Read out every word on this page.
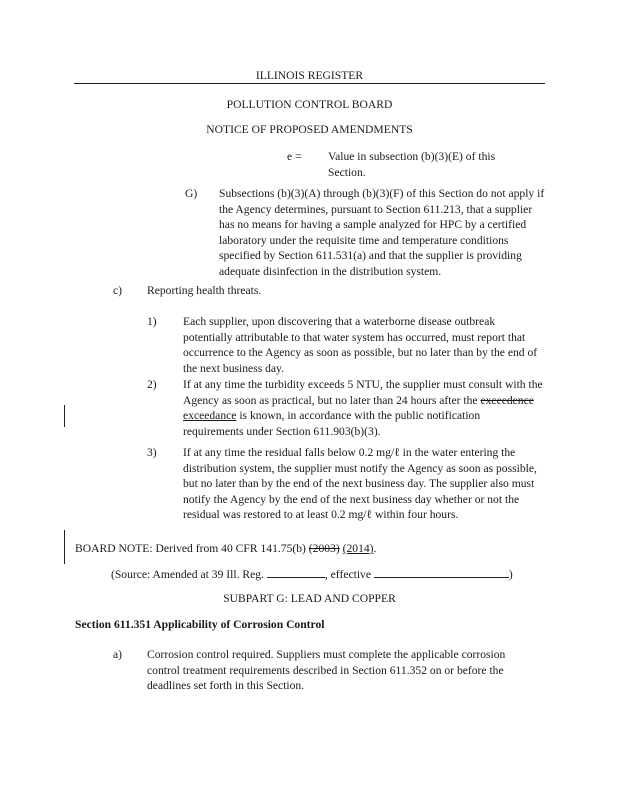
ILLINOIS REGISTER
POLLUTION CONTROL BOARD
NOTICE OF PROPOSED AMENDMENTS
e =	Value in subsection (b)(3)(E) of this Section.
G) Subsections (b)(3)(A) through (b)(3)(F) of this Section do not apply if the Agency determines, pursuant to Section 611.213, that a supplier has no means for having a sample analyzed for HPC by a certified laboratory under the requisite time and temperature conditions specified by Section 611.531(a) and that the supplier is providing adequate disinfection in the distribution system.
c) Reporting health threats.
1) Each supplier, upon discovering that a waterborne disease outbreak potentially attributable to that water system has occurred, must report that occurrence to the Agency as soon as possible, but no later than by the end of the next business day.
2) If at any time the turbidity exceeds 5 NTU, the supplier must consult with the Agency as soon as practical, but no later than 24 hours after the exceedence exceedance is known, in accordance with the public notification requirements under Section 611.903(b)(3).
3) If at any time the residual falls below 0.2 mg/ℓ in the water entering the distribution system, the supplier must notify the Agency as soon as possible, but no later than by the end of the next business day. The supplier also must notify the Agency by the end of the next business day whether or not the residual was restored to at least 0.2 mg/ℓ within four hours.
BOARD NOTE: Derived from 40 CFR 141.75(b) (2003) (2014).
(Source: Amended at 39 Ill. Reg.	, effective	)
SUBPART G: LEAD AND COPPER
Section 611.351 Applicability of Corrosion Control
a) Corrosion control required. Suppliers must complete the applicable corrosion control treatment requirements described in Section 611.352 on or before the deadlines set forth in this Section.
